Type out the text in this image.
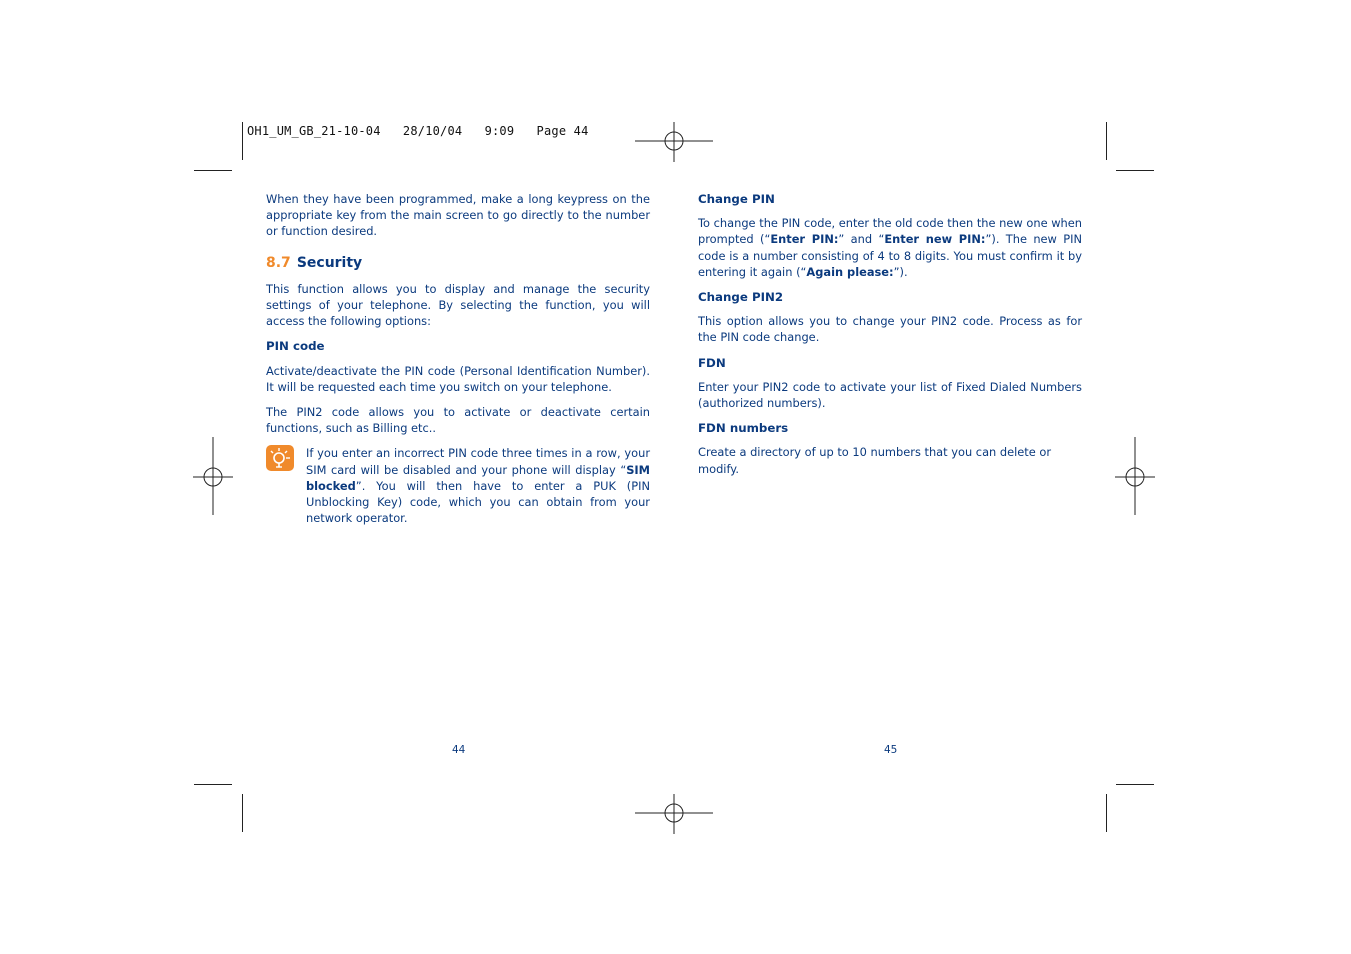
OH1_UM_GB_21-10-04   28/10/04   9:09   Page 44

When they have been programmed, make a long keypress on the appropriate key from the main screen to go directly to the number or function desired.

8.7 Security

This function allows you to display and manage the security settings of your telephone. By selecting the function, you will access the following options:

PIN code

Activate/deactivate the PIN code (Personal Identification Number). It will be requested each time you switch on your telephone.

The PIN2 code allows you to activate or deactivate certain functions, such as Billing etc..

If you enter an incorrect PIN code three times in a row, your SIM card will be disabled and your phone will display “SIM blocked”. You will then have to enter a PUK (PIN Unblocking Key) code, which you can obtain from your network operator.

Change PIN

To change the PIN code, enter the old code then the new one when prompted (“Enter PIN:” and “Enter new PIN:”). The new PIN code is a number consisting of 4 to 8 digits. You must confirm it by entering it again (“Again please:”).

Change PIN2

This option allows you to change your PIN2 code. Process as for the PIN code change.

FDN

Enter your PIN2 code to activate your list of Fixed Dialed Numbers (authorized numbers).

FDN numbers

Create a directory of up to 10 numbers that you can delete or modify.

44	45
